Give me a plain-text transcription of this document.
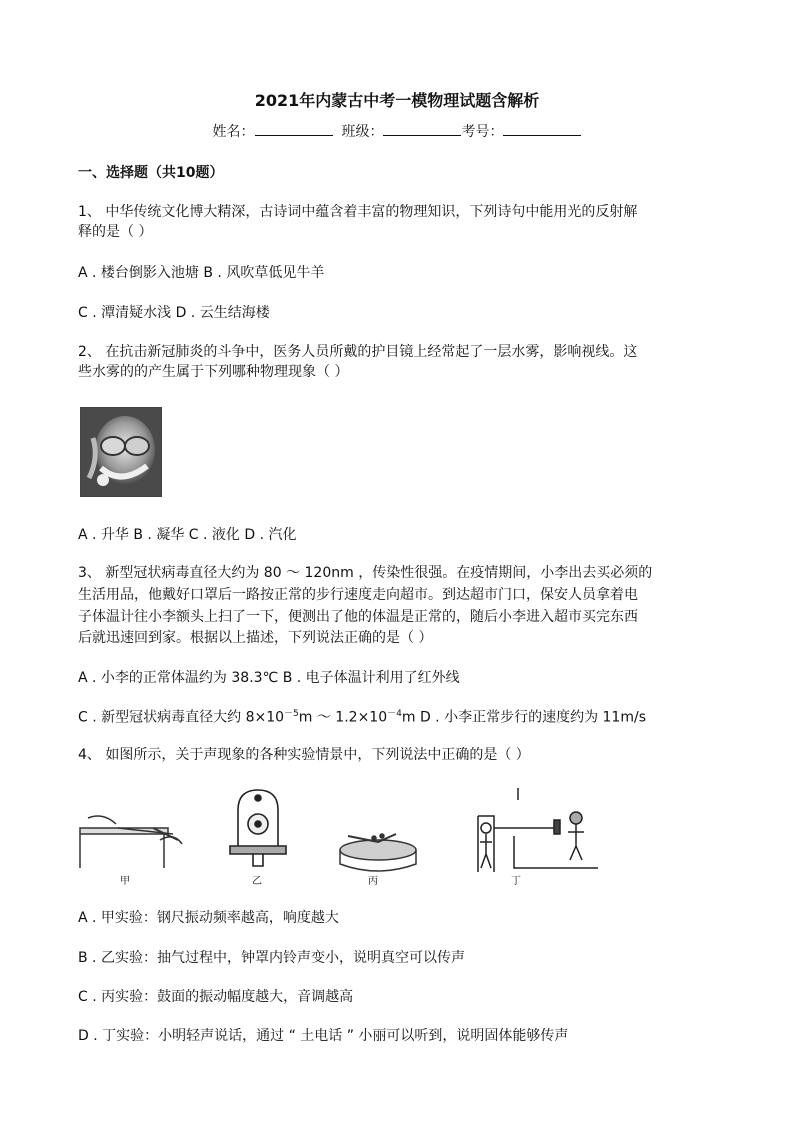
2021年内蒙古中考一模物理试题含解析
姓名：	班级：	考号：
一、选择题（共10题）
1、 中华传统文化博大精深，古诗词中蕴含着丰富的物理知识，下列诗句中能用光的反射解
释的是（ ）
A . 楼台倒影入池塘 B . 风吹草低见牛羊
C . 潭清疑水浅 D . 云生结海楼
2、 在抗击新冠肺炎的斗争中，医务人员所戴的护目镜上经常起了一层水雾，影响视线。这
些水雾的的产生属于下列哪种物理现象（ ）
A . 升华 B . 凝华 C . 液化 D . 汽化
3、 新型冠状病毒直径大约为 80 ～ 120nm ，传染性很强。在疫情期间，小李出去买必须的
生活用品，他戴好口罩后一路按正常的步行速度走向超市。到达超市门口，保安人员拿着电
子体温计往小李额头上扫了一下，便测出了他的体温是正常的，随后小李进入超市买完东西
后就迅速回到家。根据以上描述，下列说法正确的是（ ）
A . 小李的正常体温约为 38.3℃ B . 电子体温计利用了红外线
C . 新型冠状病毒直径大约 $8\times 10^{-5}m$ ～ $1.2\times 10^{-4}m$ D . 小李正常步行的速度约为 11m/s
4、 如图所示，关于声现象的各种实验情景中，下列说法中正确的是（ ）
甲	乙	丙	丁
A . 甲实验：钢尺振动频率越高，响度越大
B . 乙实验：抽气过程中，钟罩内铃声变小，说明真空可以传声
C . 丙实验：鼓面的振动幅度越大，音调越高
D . 丁实验：小明轻声说话，通过 “ 土电话 ” 小丽可以听到，说明固体能够传声
